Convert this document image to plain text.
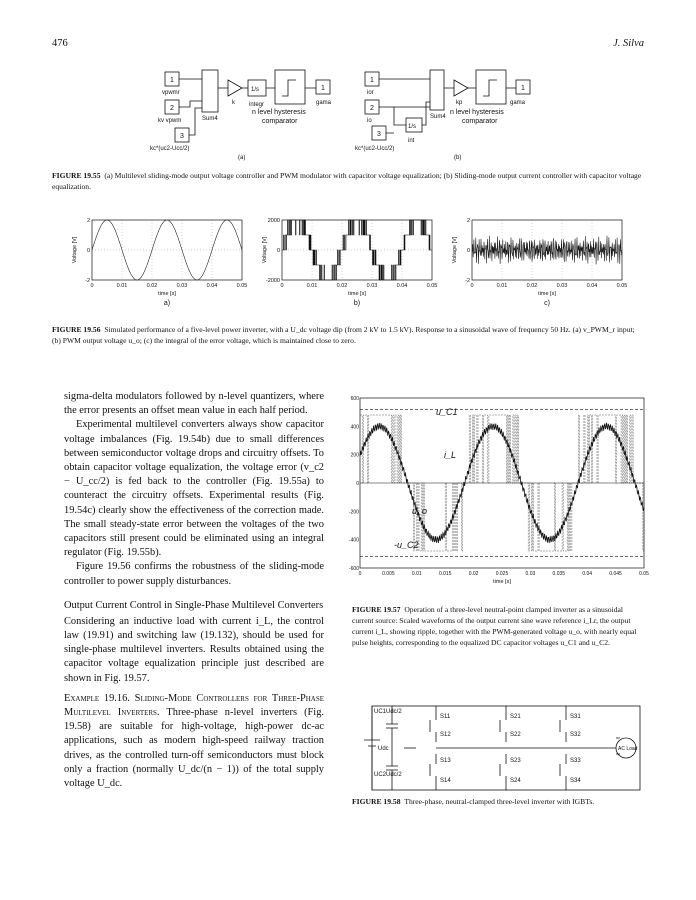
476	J. Silva
1
2
3
1
vpwmr
kv vpwm
kc*(uc2-Ucc/2)
Sum4
k
1/s
integr	gama
n level hysteresis
comparator
(a)
1
2
3
1
ior
io
kc*(uc2-Ucc/2)
Sum4
1/s
int
kp	gama
n level hysteresis
comparator
(b)
FIGURE 19.55 (a) Multilevel sliding-mode output voltage controller and PWM modulator with capacitor voltage equalization; (b) Sliding-mode output current controller with capacitor voltage equalization.
0	0.01	0.02	0.03	0.04	0.05
-2
0
2
time [s]
Voltage [V]
a)
0	0.01	0.02	0.03	0.04	0.05
-2000
0
2000
time [s]
Voltage [V]
b)
0	0.01	0.02	0.03	0.04	0.05
-2
0
2
time [s]
Voltage [V]
c)
FIGURE 19.56 Simulated performance of a five-level power inverter, with a U_dc voltage dip (from 2 kV to 1.5 kV). Response to a sinusoidal wave of frequency 50 Hz. (a) v_PWM_r input; (b) PWM output voltage u_o; (c) the integral of the error voltage, which is maintained close to zero.

sigma-delta modulators followed by n-level quantizers, where the error presents an offset mean value in each half period.

Experimental multilevel converters always show capacitor voltage imbalances (Fig. 19.54b) due to small differences between semiconductor voltage drops and circuitry offsets. To obtain capacitor voltage equalization, the voltage error (v_c2 − U_cc/2) is fed back to the controller (Fig. 19.55a) to counteract the circuitry offsets. Experimental results (Fig. 19.54c) clearly show the effectiveness of the correction made. The small steady-state error between the voltages of the two capacitors still present could be eliminated using an integral regulator (Fig. 19.55b).

Figure 19.56 confirms the robustness of the sliding-mode controller to power supply disturbances.

Output Current Control in Single-Phase Multilevel Converters

Considering an inductive load with current i_L, the control law (19.91) and switching law (19.132), should be used for single-phase multilevel inverters. Results obtained using the capacitor voltage equalization principle just described are shown in Fig. 19.57.

Example 19.16. Sliding-Mode Controllers for Three-Phase Multilevel Inverters. Three-phase n-level inverters (Fig. 19.58) are suitable for high-voltage, high-power dc-ac applications, such as modern high-speed railway traction drives, as the controlled turn-off semiconductors must block only a fraction (normally U_dc/(n − 1)) of the total supply voltage U_dc.

600
400
200
0
-200
-400
-600
0	0.005	0.01	0.015	0.02	0.025	0.03	0.035	0.04	0.045	0.05
time [s]
u_C1
i_L
u_o
-u_C2
FIGURE 19.57 Operation of a three-level neutral-point clamped inverter as a sinusoidal current source: Scaled waveforms of the output current sine wave reference i_Lr, the output current i_L, showing ripple, together with the PWM-generated voltage u_o, with nearly equal pulse heights, corresponding to the equalized DC capacitor voltages u_C1 and u_C2.
UC1 Udc/2
Udc
UC2 Udc/2
S11	S21	S31
S12	S22	S32
S13	S23	S33
S14	S24	S34
AC Load
FIGURE 19.58 Three-phase, neutral-clamped three-level inverter with IGBTs.
